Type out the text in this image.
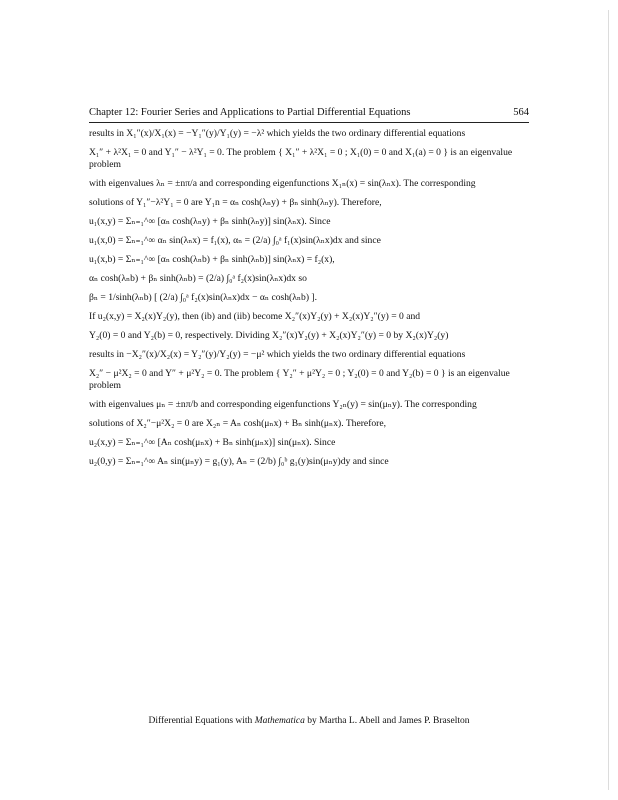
Chapter 12: Fourier Series and Applications to Partial Differential Equations	564
results in X₁″(x)/X₁(x) = −Y₁″(y)/Y₁(y) = −λ² which yields the two ordinary differential equations
X₁″ + λ²X₁ = 0 and Y₁″ − λ²Y₁ = 0. The problem { X₁″ + λ²X₁ = 0 ; X₁(0) = 0 and X₁(a) = 0 } is an eigenvalue problem
with eigenvalues λₙ = ±nπ/a and corresponding eigenfunctions X₁ₙ(x) = sin(λₙx). The corresponding
solutions of Y₁″−λ²Y₁ = 0 are Y₁n = αₙ cosh(λₙy) + βₙ sinh(λₙy). Therefore,
u₁(x,y) = Σₙ₌₁^∞ [αₙ cosh(λₙy) + βₙ sinh(λₙy)] sin(λₙx). Since
u₁(x,0) = Σₙ₌₁^∞ αₙ sin(λₙx) = f₁(x), αₙ = (2/a) ∫₀ᵃ f₁(x)sin(λₙx)dx and since
u₁(x,b) = Σₙ₌₁^∞ [αₙ cosh(λₙb) + βₙ sinh(λₙb)] sin(λₙx) = f₂(x),
αₙ cosh(λₙb) + βₙ sinh(λₙb) = (2/a) ∫₀ᵃ f₂(x)sin(λₙx)dx so
βₙ = 1/sinh(λₙb) [ (2/a) ∫₀ᵃ f₂(x)sin(λₙx)dx − αₙ cosh(λₙb) ].
If u₂(x,y) = X₂(x)Y₂(y), then (ib) and (iib) become X₂″(x)Y₂(y) + X₂(x)Y₂″(y) = 0 and
Y₂(0) = 0 and Y₂(b) = 0, respectively. Dividing X₂″(x)Y₂(y) + X₂(x)Y₂″(y) = 0 by X₂(x)Y₂(y)
results in −X₂″(x)/X₂(x) = Y₂″(y)/Y₂(y) = −μ² which yields the two ordinary differential equations
X₂″ − μ²X₂ = 0 and Y″ + μ²Y₂ = 0. The problem { Y₂″ + μ²Y₂ = 0 ; Y₂(0) = 0 and Y₂(b) = 0 } is an eigenvalue problem
with eigenvalues μₙ = ±nπ/b and corresponding eigenfunctions Y₂ₙ(y) = sin(μₙy). The corresponding
solutions of X₂″−μ²X₂ = 0 are X₂ₙ = Aₙ cosh(μₙx) + Bₙ sinh(μₙx). Therefore,
u₂(x,y) = Σₙ₌₁^∞ [Aₙ cosh(μₙx) + Bₙ sinh(μₙx)] sin(μₙx). Since
u₂(0,y) = Σₙ₌₁^∞ Aₙ sin(μₙy) = g₁(y), Aₙ = (2/b) ∫₀ᵇ g₁(y)sin(μₙy)dy and since
Differential Equations with Mathematica by Martha L. Abell and James P. Braselton
